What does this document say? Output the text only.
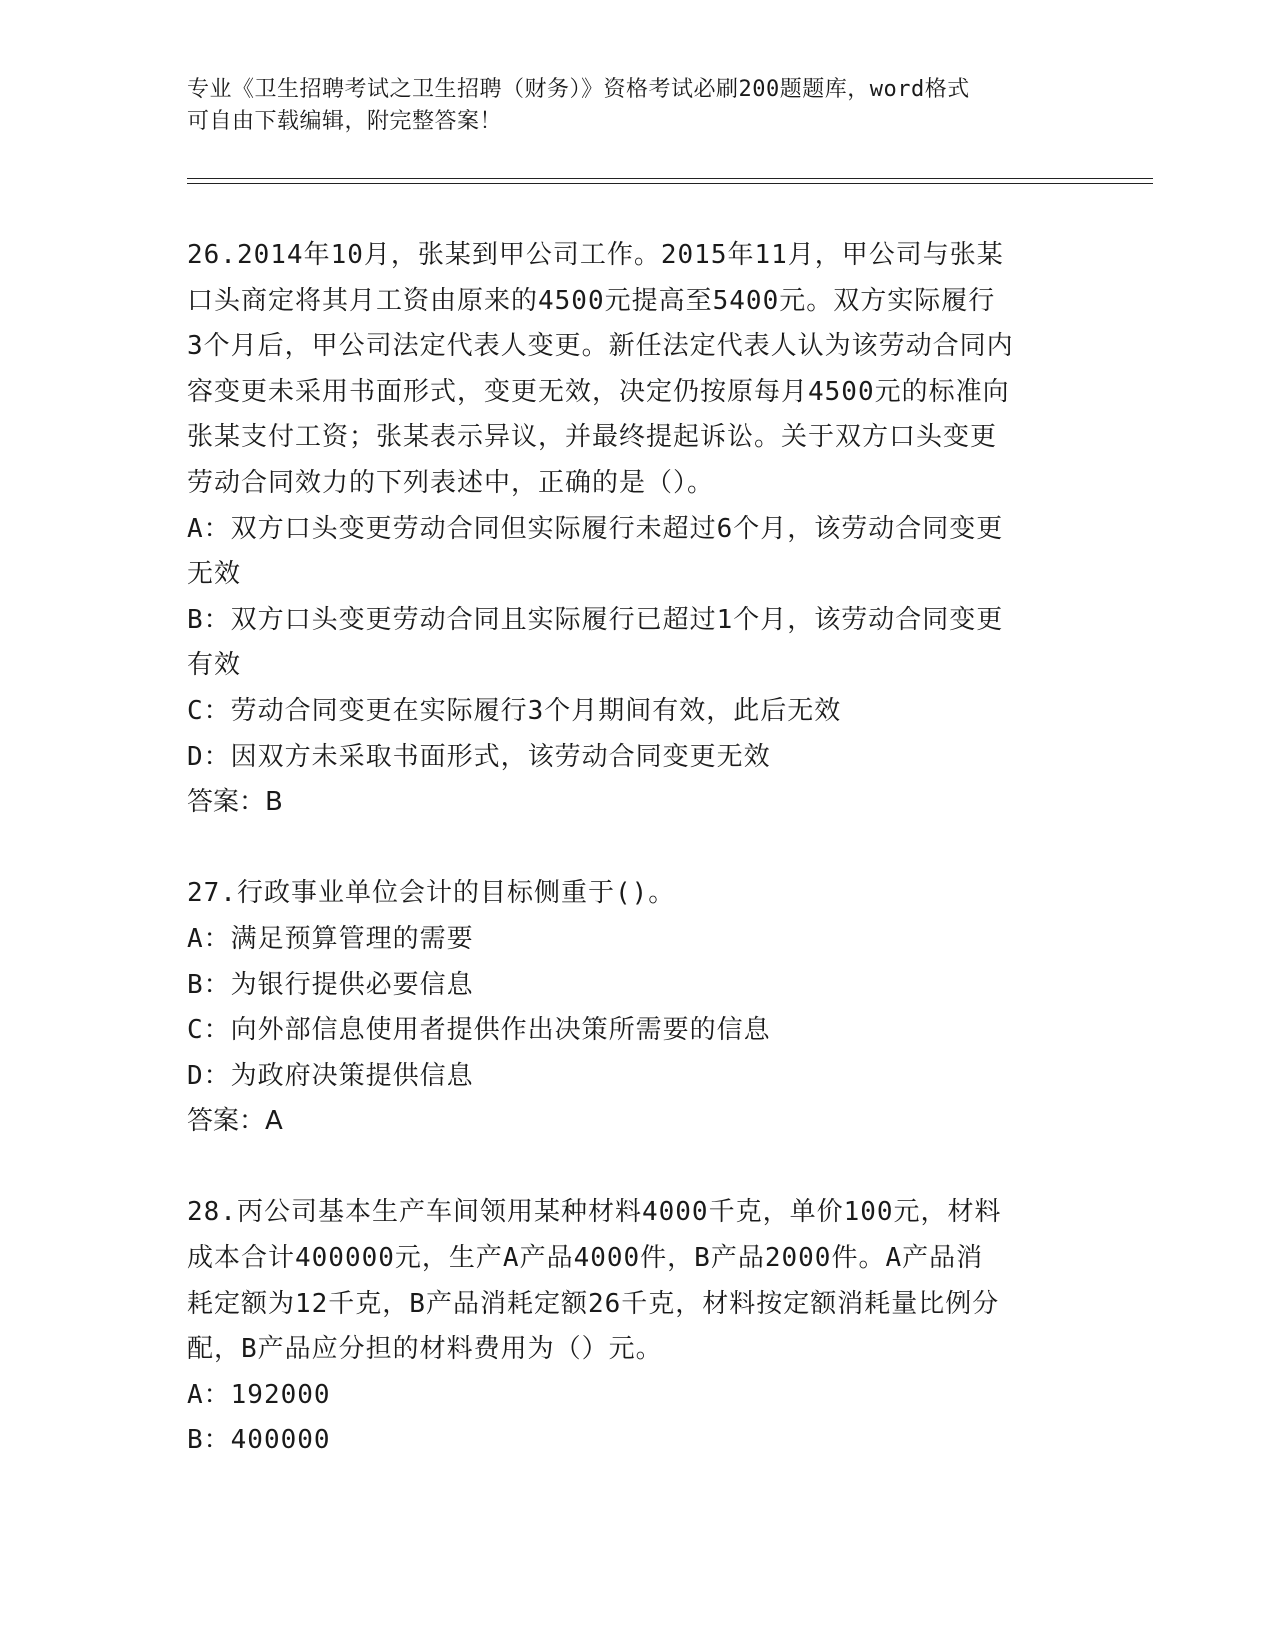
专业《卫生招聘考试之卫生招聘（财务）》资格考试必刷200题题库，word格式
可自由下载编辑，附完整答案！
26.2014年10月，张某到甲公司工作。2015年11月，甲公司与张某
口头商定将其月工资由原来的4500元提高至5400元。双方实际履行
3个月后，甲公司法定代表人变更。新任法定代表人认为该劳动合同内
容变更未采用书面形式，变更无效，决定仍按原每月4500元的标准向
张某支付工资；张某表示异议，并最终提起诉讼。关于双方口头变更
劳动合同效力的下列表述中，正确的是（）。
A：双方口头变更劳动合同但实际履行未超过6个月，该劳动合同变更
无效
B：双方口头变更劳动合同且实际履行已超过1个月，该劳动合同变更
有效
C：劳动合同变更在实际履行3个月期间有效，此后无效
D：因双方未采取书面形式，该劳动合同变更无效
答案：B
27.行政事业单位会计的目标侧重于()。
A：满足预算管理的需要
B：为银行提供必要信息
C：向外部信息使用者提供作出决策所需要的信息
D：为政府决策提供信息
答案：A
28.丙公司基本生产车间领用某种材料4000千克，单价100元，材料
成本合计400000元，生产A产品4000件，B产品2000件。A产品消
耗定额为12千克，B产品消耗定额26千克，材料按定额消耗量比例分
配，B产品应分担的材料费用为（）元。
A：192000
B：400000
